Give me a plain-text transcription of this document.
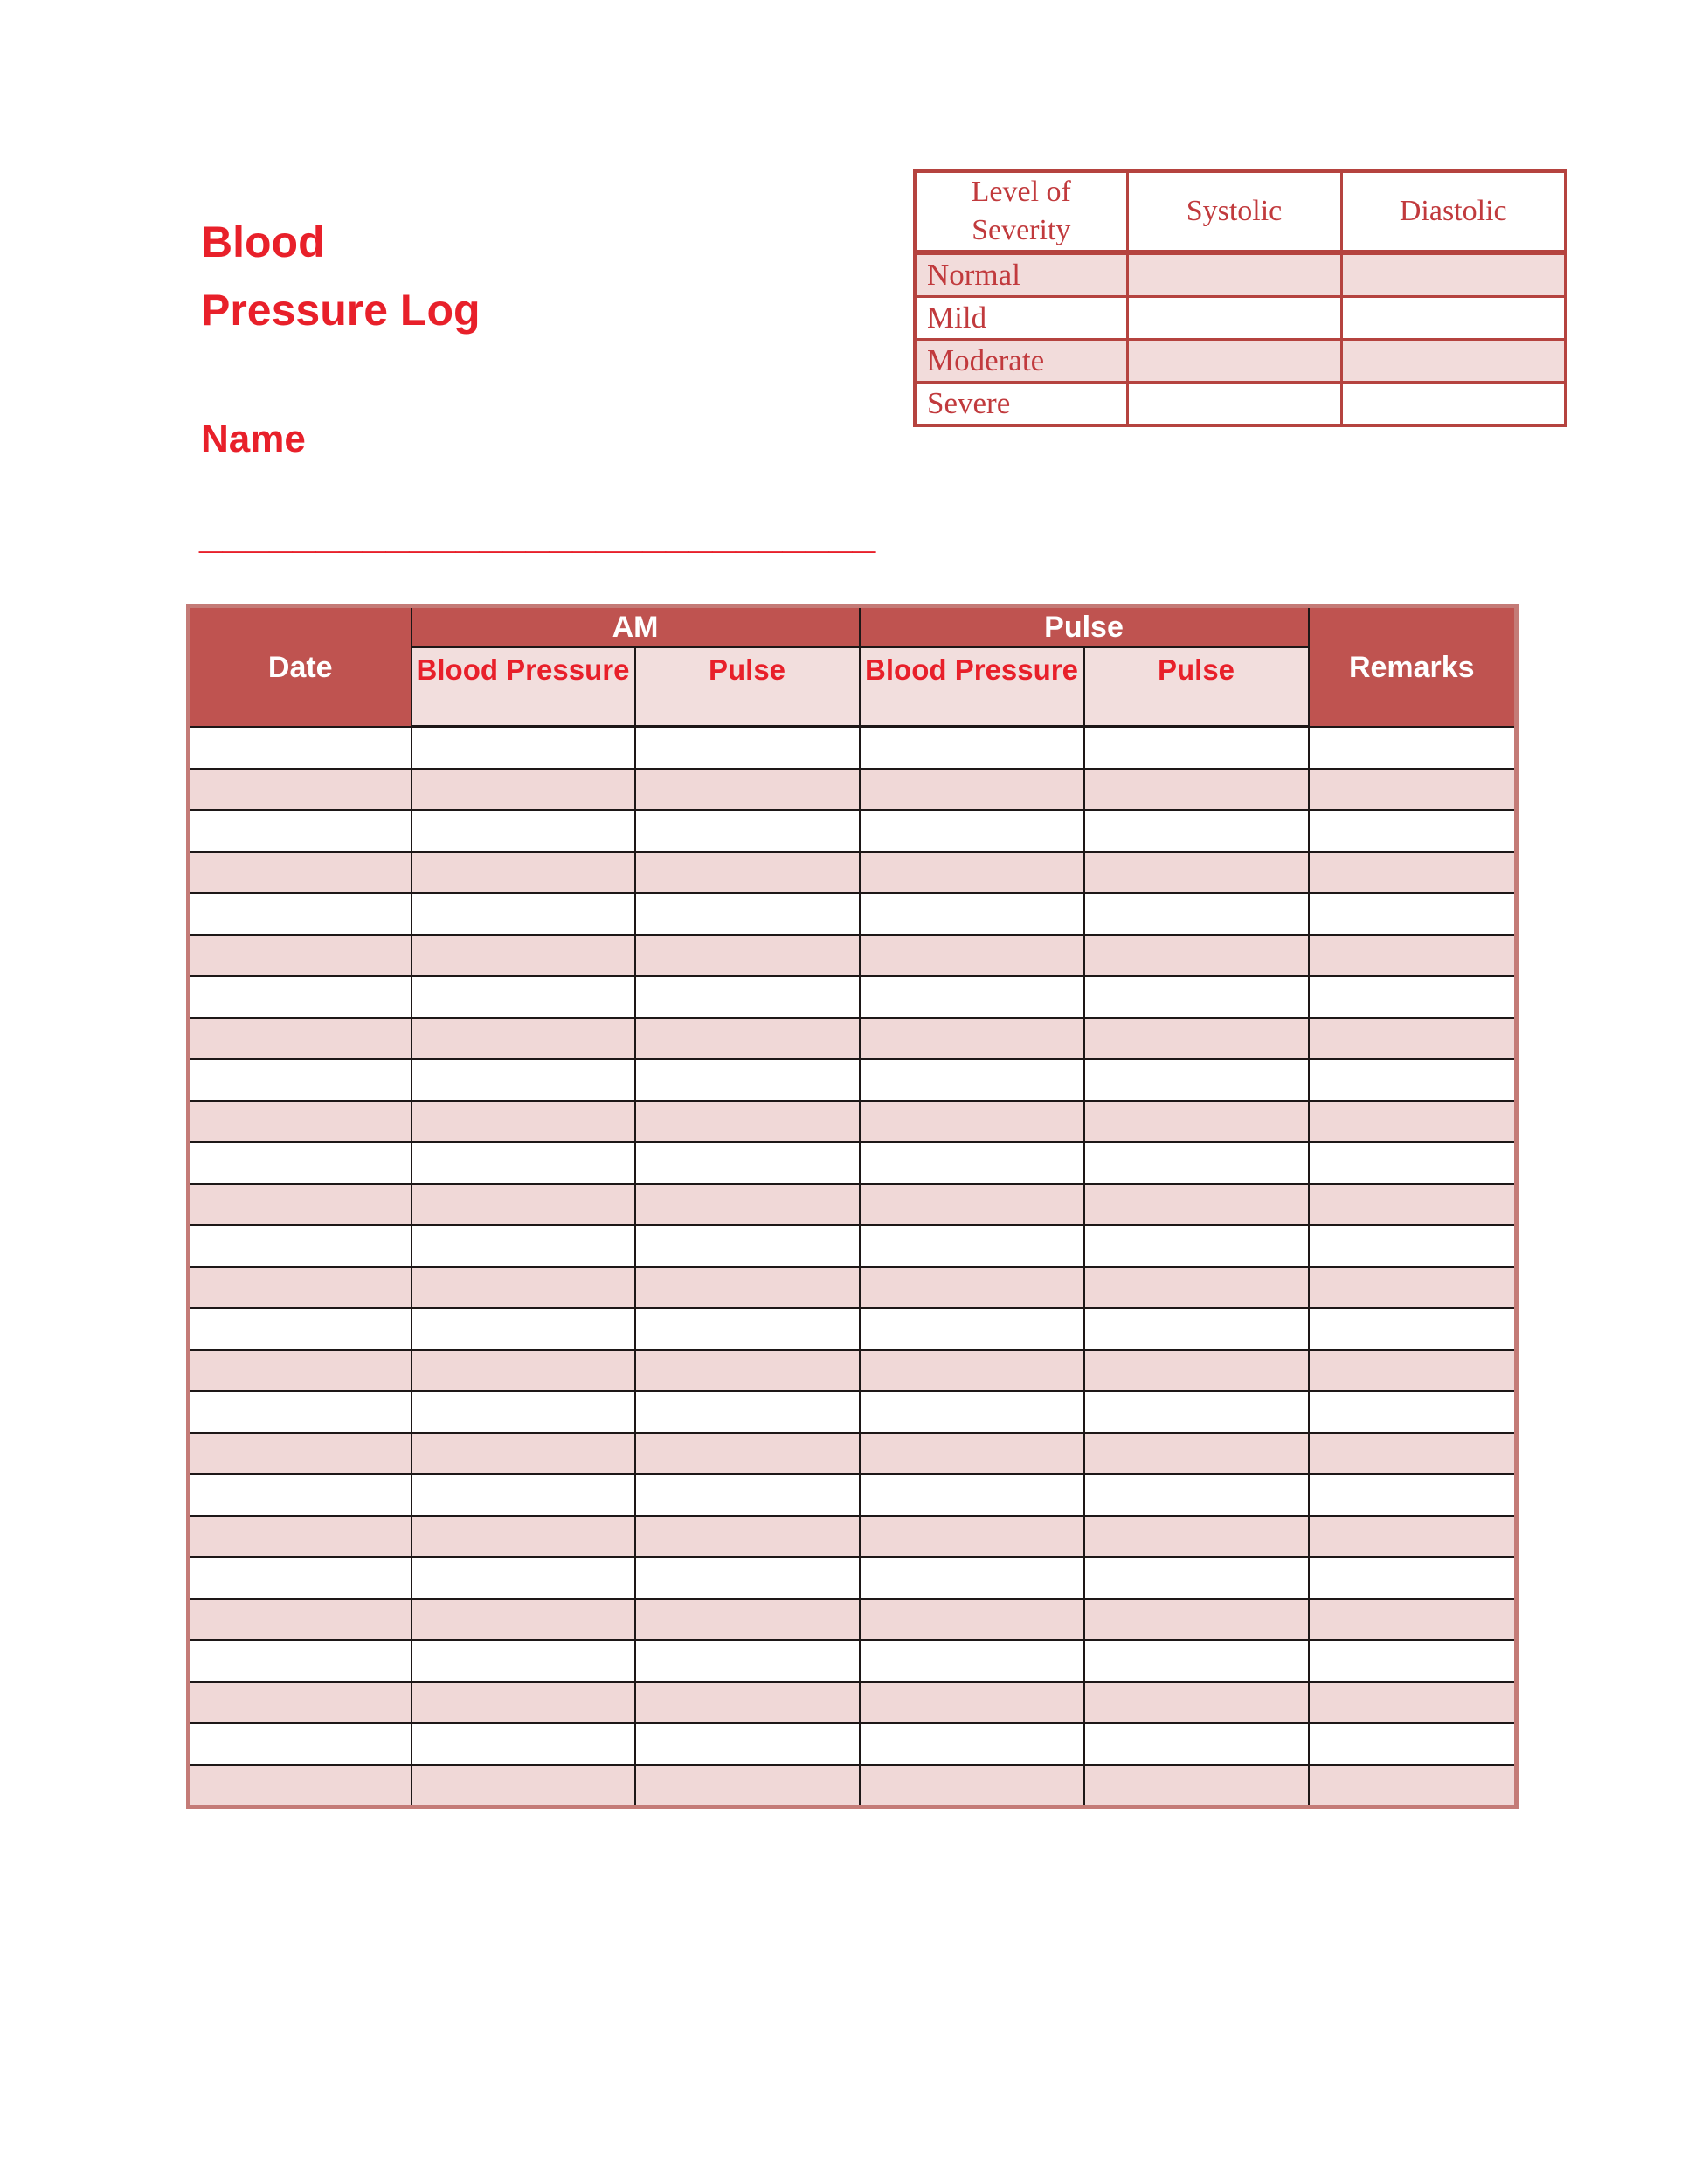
Blood
Pressure Log
Level of Severity	Systolic	Diastolic
Normal		
Mild		
Moderate		
Severe		
Name
_____________________________
Date	AM		Pulse		Remarks
	Blood Pressure	Pulse	Blood Pressure	Pulse	
